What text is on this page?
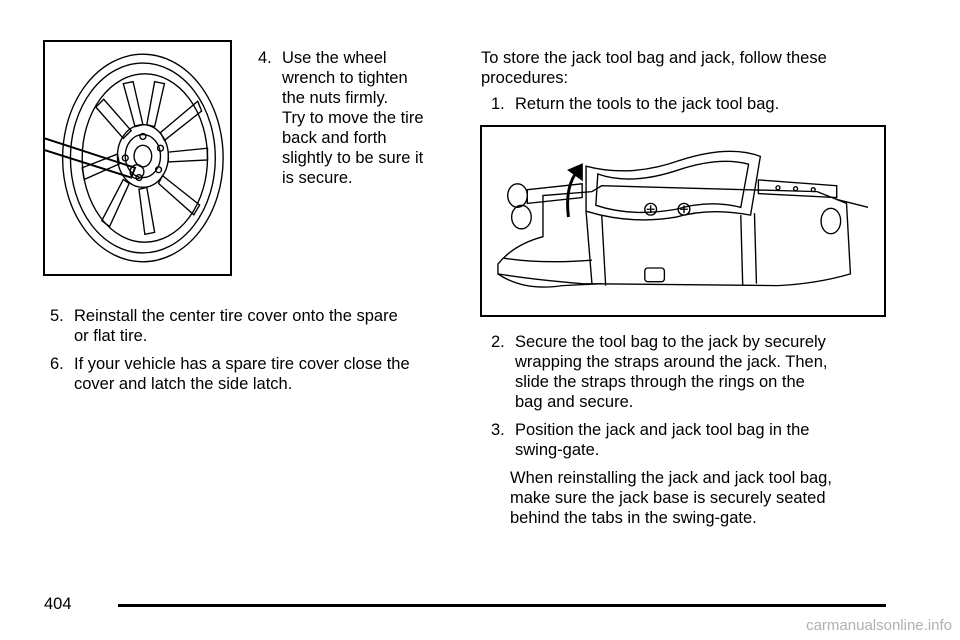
4. Use the wheel
wrench to tighten
the nuts firmly.
Try to move the tire
back and forth
slightly to be sure it
is secure.
5. Reinstall the center tire cover onto the spare
or flat tire.
6. If your vehicle has a spare tire cover close the
cover and latch the side latch.
To store the jack tool bag and jack, follow these
procedures:
1. Return the tools to the jack tool bag.
2. Secure the tool bag to the jack by securely
wrapping the straps around the jack. Then,
slide the straps through the rings on the
bag and secure.
3. Position the jack and jack tool bag in the
swing-gate.
When reinstalling the jack and jack tool bag,
make sure the jack base is securely seated
behind the tabs in the swing-gate.
404
carmanualsonline.info
